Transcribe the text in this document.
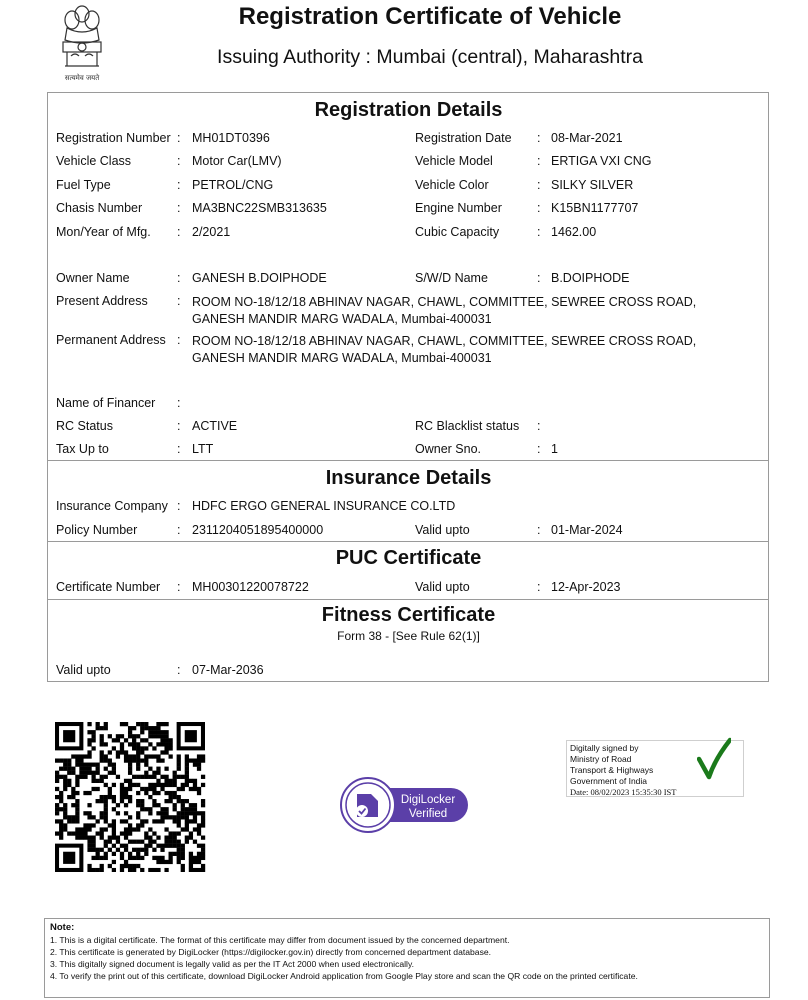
सत्यमेव जयते
Registration Certificate of Vehicle
Issuing Authority : Mumbai (central), Maharashtra
Registration Details
Registration Number : MH01DT0396	Registration Date : 08-Mar-2021
Vehicle Class	: Motor Car(LMV)	Vehicle Model	: ERTIGA VXI CNG
Fuel Type	: PETROL/CNG	Vehicle Color	: SILKY SILVER
Chasis Number	: MA3BNC22SMB313635	Engine Number	: K15BN1177707
Mon/Year of Mfg. : 2/2021	Cubic Capacity	: 1462.00
Owner Name	: GANESH B.DOIPHODE	S/W/D Name	: B.DOIPHODE
Present Address : ROOM NO-18/12/18 ABHINAV NAGAR, CHAWL, COMMITTEE, SEWREE CROSS ROAD, GANESH MANDIR MARG WADALA, Mumbai-400031
Permanent Address : ROOM NO-18/12/18 ABHINAV NAGAR, CHAWL, COMMITTEE, SEWREE CROSS ROAD, GANESH MANDIR MARG WADALA, Mumbai-400031
Name of Financer :
RC Status	: ACTIVE	RC Blacklist status :
Tax Up to	: LTT	Owner Sno.	: 1
Insurance Details
Insurance Company : HDFC ERGO GENERAL INSURANCE CO.LTD
Policy Number	: 2311204051895400000	Valid upto	: 01-Mar-2024
PUC Certificate
Certificate Number : MH00301220078722	Valid upto	: 12-Apr-2023
Fitness Certificate
Form 38 - [See Rule 62(1)]
Valid upto	: 07-Mar-2036
DigiLocker
Verified
Digitally signed by
Ministry of Road
Transport & Highways
Government of India
Date: 08/02/2023 15:35:30 IST
Note:
1. This is a digital certificate. The format of this certificate may differ from document issued by the concerned department.
2. This certificate is generated by DigiLocker (https://digilocker.gov.in) directly from concerned department database.
3. This digitally signed document is legally valid as per the IT Act 2000 when used electronically.
4. To verify the print out of this certificate, download DigiLocker Android application from Google Play store and scan the QR code on the printed certificate.
